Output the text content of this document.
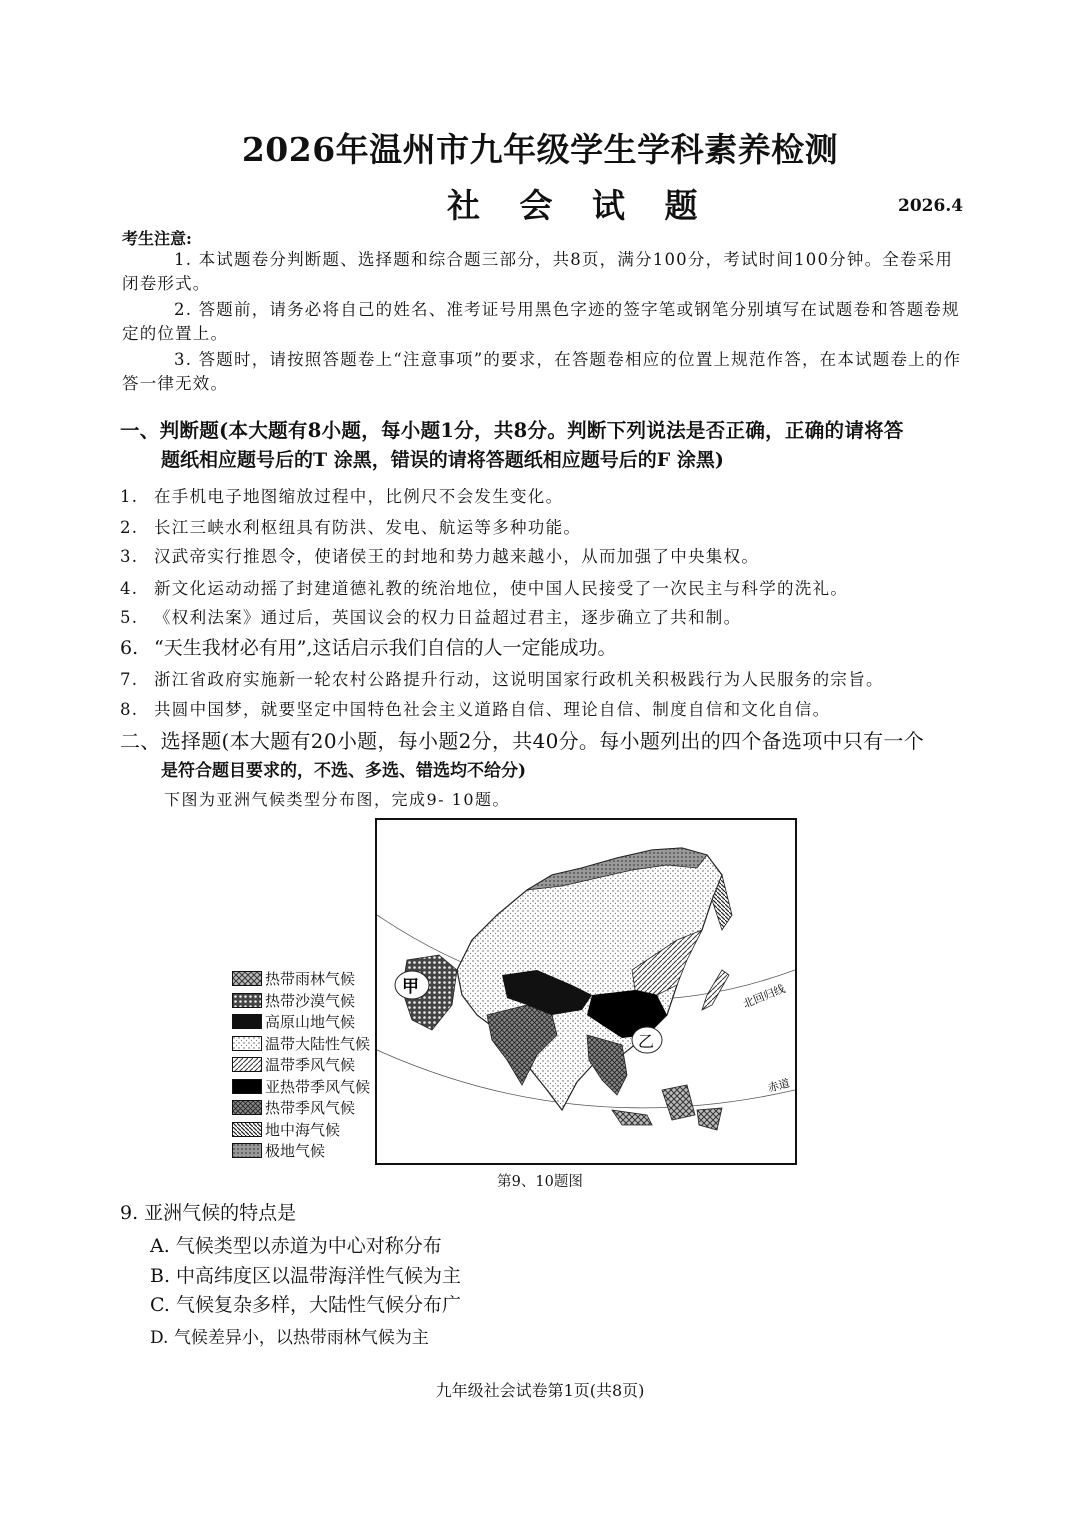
2026年温州市九年级学生学科素养检测
社 会 试 题	2026.4
考生注意:
1. 本试题卷分判断题、选择题和综合题三部分，共8页，满分100分，考试时间100分钟。全卷采用闭卷形式。
2. 答题前，请务必将自己的姓名、准考证号用黑色字迹的签字笔或钢笔分别填写在试题卷和答题卷规定的位置上。
3. 答题时，请按照答题卷上“注意事项”的要求，在答题卷相应的位置上规范作答，在本试题卷上的作答一律无效。
一、判断题(本大题有8小题，每小题1分，共8分。判断下列说法是否正确，正确的请将答
题纸相应题号后的T 涂黑，错误的请将答题纸相应题号后的F 涂黑)
1. 在手机电子地图缩放过程中，比例尺不会发生变化。
2. 长江三峡水利枢纽具有防洪、发电、航运等多种功能。
3. 汉武帝实行推恩令，使诸侯王的封地和势力越来越小，从而加强了中央集权。
4. 新文化运动动摇了封建道德礼教的统治地位，使中国人民接受了一次民主与科学的洗礼。
5. 《权利法案》通过后，英国议会的权力日益超过君主，逐步确立了共和制。
6. “天生我材必有用”,这话启示我们自信的人一定能成功。
7. 浙江省政府实施新一轮农村公路提升行动，这说明国家行政机关积极践行为人民服务的宗旨。
8. 共圆中国梦，就要坚定中国特色社会主义道路自信、理论自信、制度自信和文化自信。
二、选择题(本大题有20小题，每小题2分，共40分。每小题列出的四个备选项中只有一个
是符合题目要求的，不选、多选、错选均不给分)
下图为亚洲气候类型分布图，完成9- 10题。
热带雨林气候
热带沙漠气候
高原山地气候
温带大陆性气候
温带季风气候
亚热带季风气候
热带季风气候
地中海气候
极地气候
甲
乙
北回归线
赤道
第9、10题图
9. 亚洲气候的特点是
A. 气候类型以赤道为中心对称分布
B. 中高纬度区以温带海洋性气候为主
C. 气候复杂多样，大陆性气候分布广
D. 气候差异小，以热带雨林气候为主
九年级社会试卷第1页(共8页)
